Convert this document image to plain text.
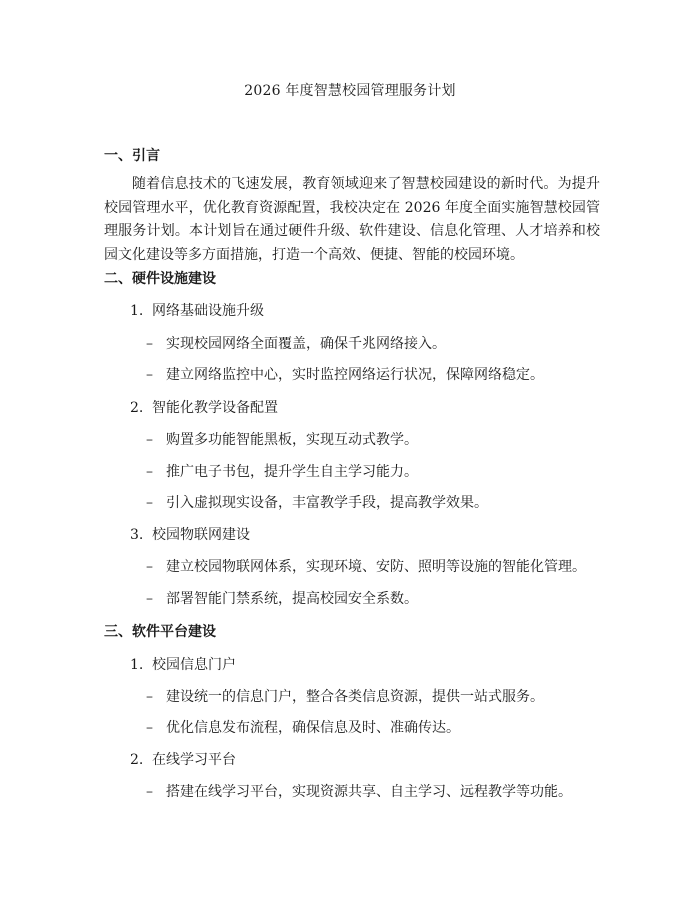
2026 年度智慧校园管理服务计划
一、引言

随着信息技术的飞速发展，教育领域迎来了智慧校园建设的新时代。为提升校园管理水平，优化教育资源配置，我校决定在 2026 年度全面实施智慧校园管理服务计划。本计划旨在通过硬件升级、软件建设、信息化管理、人才培养和校园文化建设等多方面措施，打造一个高效、便捷、智能的校园环境。

二、硬件设施建设
1. 网络基础设施升级
– 实现校园网络全面覆盖，确保千兆网络接入。
– 建立网络监控中心，实时监控网络运行状况，保障网络稳定。
2. 智能化教学设备配置
– 购置多功能智能黑板，实现互动式教学。
– 推广电子书包，提升学生自主学习能力。
– 引入虚拟现实设备，丰富教学手段，提高教学效果。
3. 校园物联网建设
– 建立校园物联网体系，实现环境、安防、照明等设施的智能化管理。
– 部署智能门禁系统，提高校园安全系数。
三、软件平台建设
1. 校园信息门户
– 建设统一的信息门户，整合各类信息资源，提供一站式服务。
– 优化信息发布流程，确保信息及时、准确传达。
2. 在线学习平台
– 搭建在线学习平台，实现资源共享、自主学习、远程教学等功能。
